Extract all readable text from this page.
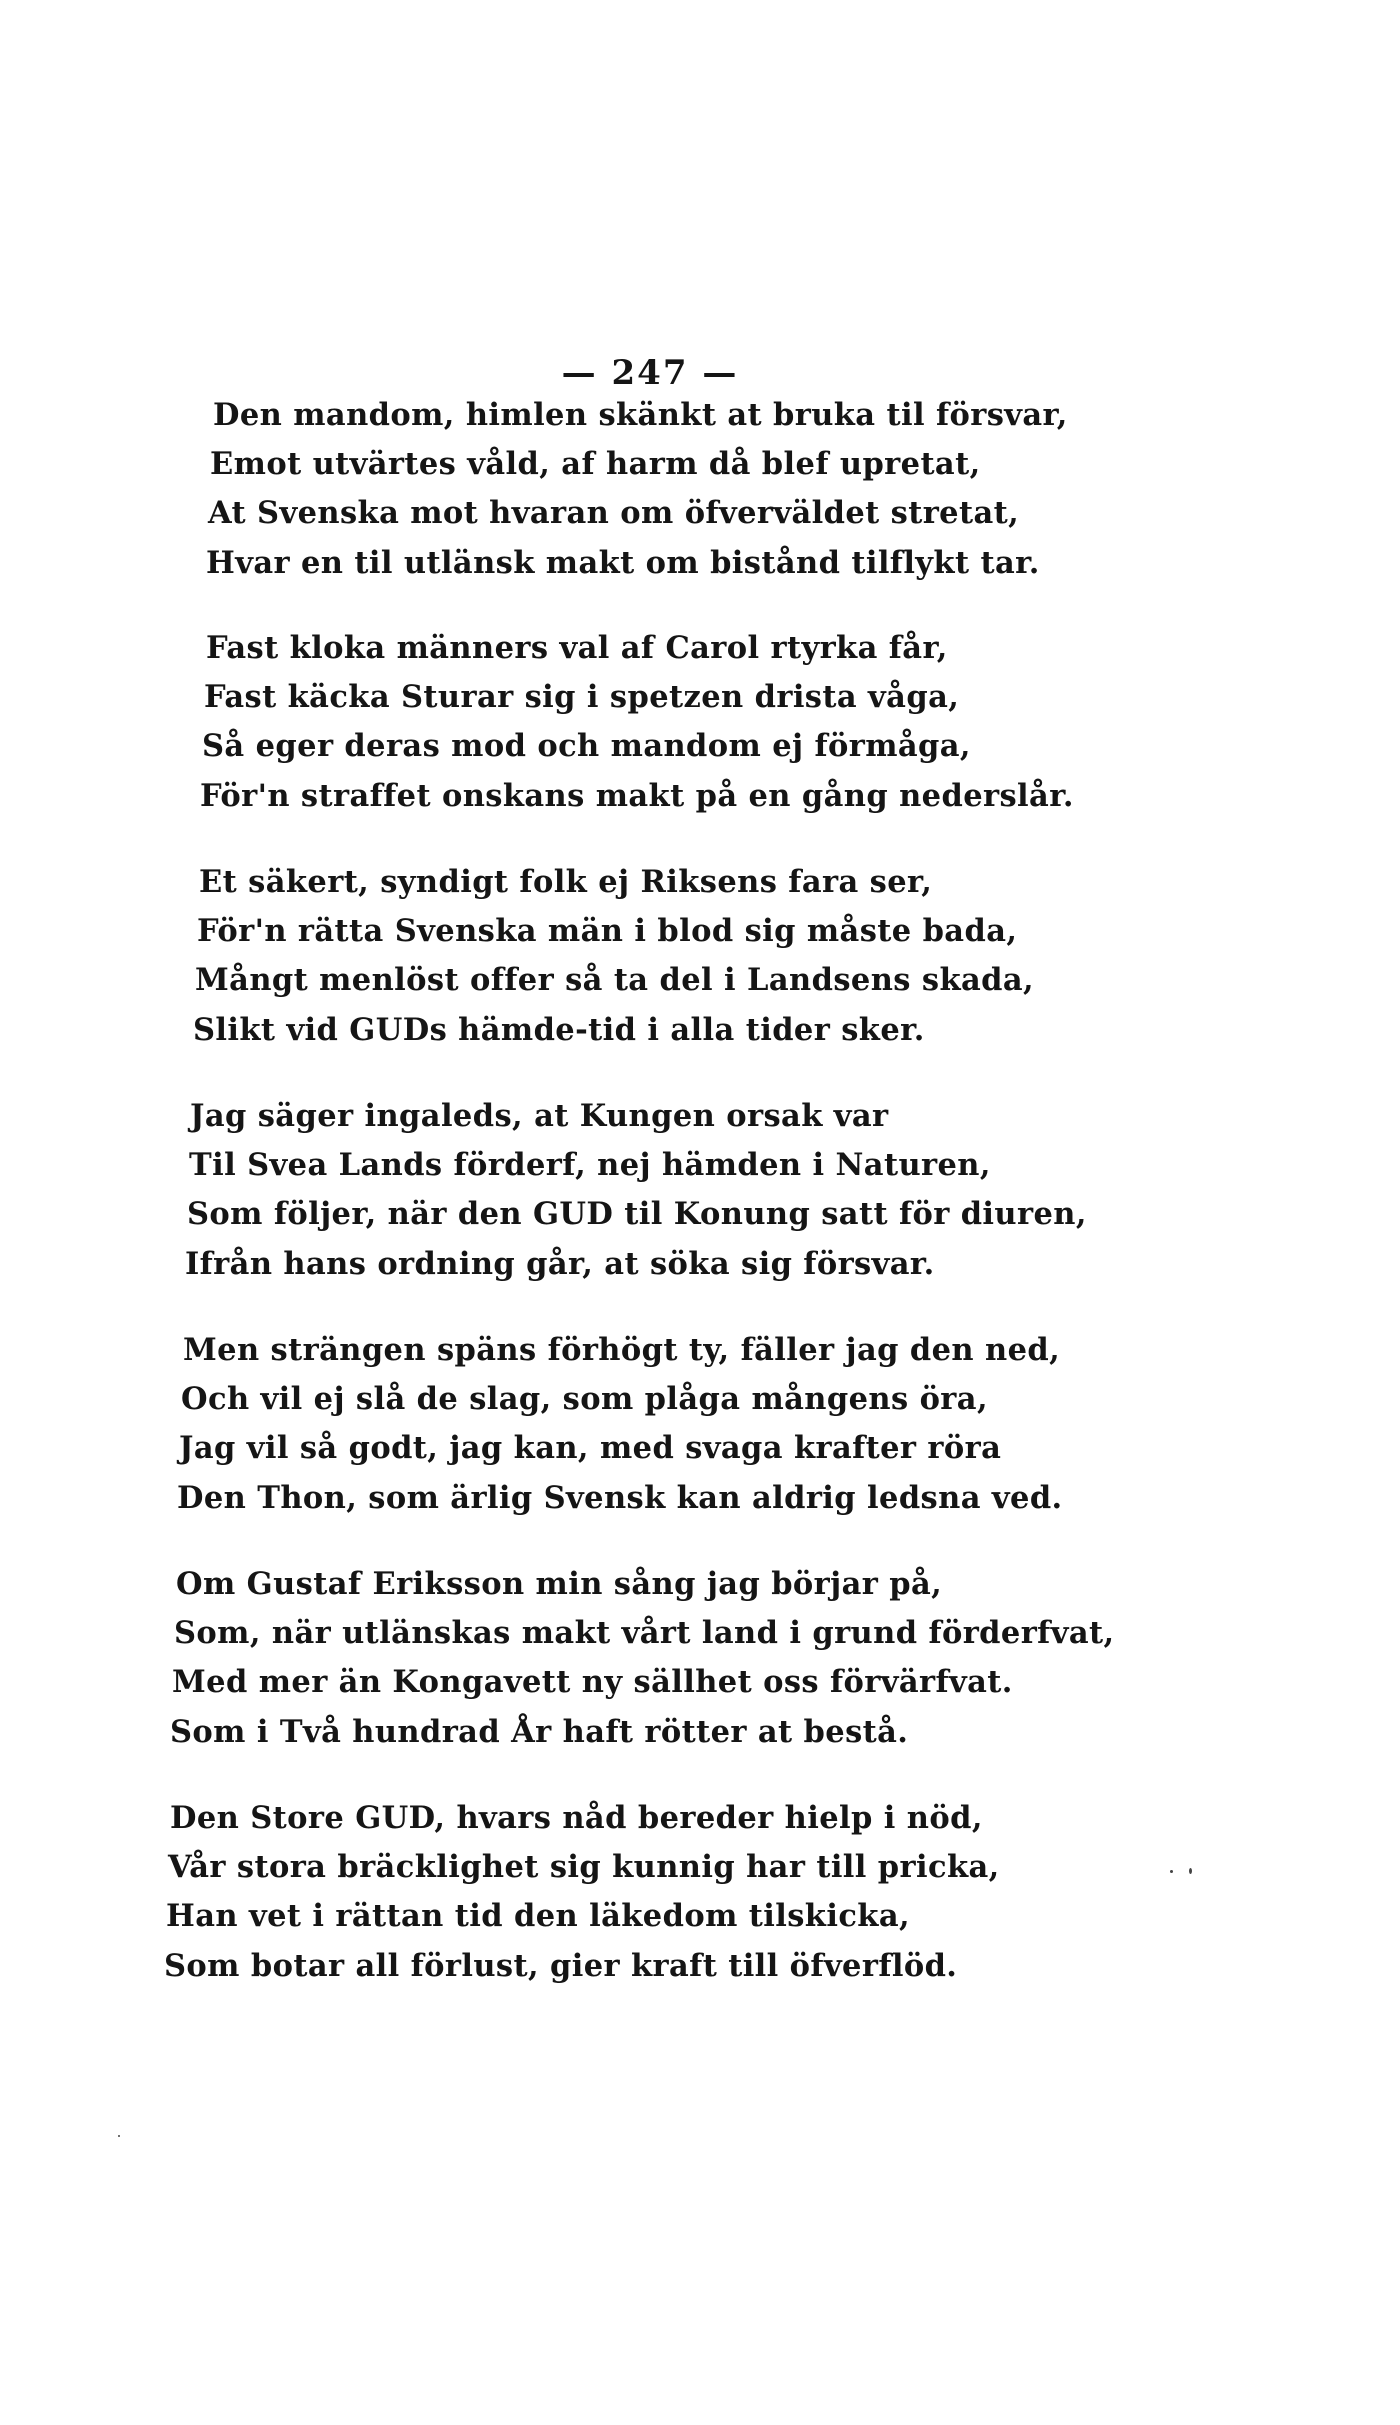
— 247 —
Den mandom, himlen skänkt at bruka til försvar,
Emot utvärtes våld, af harm då blef upretat,
At Svenska mot hvaran om öfverväldet stretat,
Hvar en til utlänsk makt om bistånd tilflykt tar.
Fast kloka männers val af Carol rtyrka får,
Fast käcka Sturar sig i spetzen drista våga,
Så eger deras mod och mandom ej förmåga,
För'n straffet onskans makt på en gång nederslår.
Et säkert, syndigt folk ej Riksens fara ser,
För'n rätta Svenska män i blod sig måste bada,
Mångt menlöst offer så ta del i Landsens skada,
Slikt vid GUDs hämde-tid i alla tider sker.
Jag säger ingaleds, at Kungen orsak var
Til Svea Lands förderf, nej hämden i Naturen,
Som följer, när den GUD til Konung satt för diuren,
Ifrån hans ordning går, at söka sig försvar.
Men strängen späns förhögt ty, fäller jag den ned,
Och vil ej slå de slag, som plåga mångens öra,
Jag vil så godt, jag kan, med svaga krafter röra
Den Thon, som ärlig Svensk kan aldrig ledsna ved.
Om Gustaf Eriksson min sång jag börjar på,
Som, när utlänskas makt vårt land i grund förderfvat,
Med mer än Kongavett ny sällhet oss förvärfvat.
Som i Två hundrad År haft rötter at bestå.
Den Store GUD, hvars nåd bereder hielp i nöd,
Vår stora bräcklighet sig kunnig har till pricka,
Han vet i rättan tid den läkedom tilskicka,
Som botar all förlust, gier kraft till öfverflöd.
